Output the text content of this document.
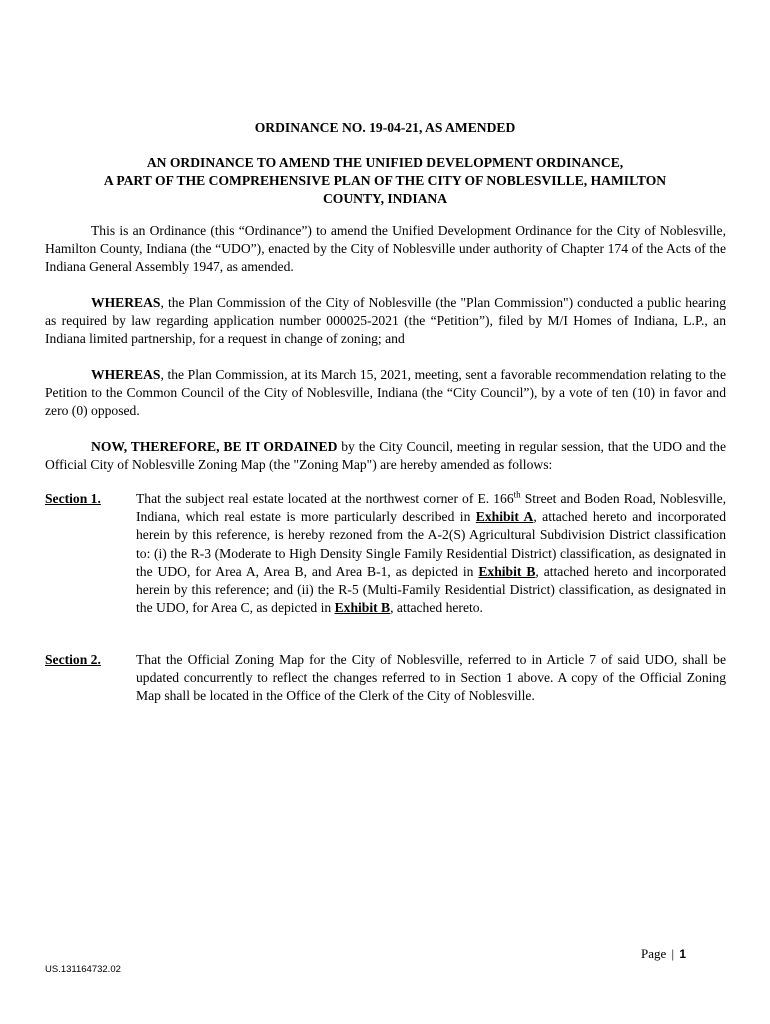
ORDINANCE NO. 19-04-21, AS AMENDED
AN ORDINANCE TO AMEND THE UNIFIED DEVELOPMENT ORDINANCE,
A PART OF THE COMPREHENSIVE PLAN OF THE CITY OF NOBLESVILLE, HAMILTON
COUNTY, INDIANA

This is an Ordinance (this “Ordinance”) to amend the Unified Development Ordinance for the City of Noblesville, Hamilton County, Indiana (the “UDO”), enacted by the City of Noblesville under authority of Chapter 174 of the Acts of the Indiana General Assembly 1947, as amended.

WHEREAS, the Plan Commission of the City of Noblesville (the "Plan Commission") conducted a public hearing as required by law regarding application number 000025-2021 (the “Petition”), filed by M/I Homes of Indiana, L.P., an Indiana limited partnership, for a request in change of zoning; and

WHEREAS, the Plan Commission, at its March 15, 2021, meeting, sent a favorable recommendation relating to the Petition to the Common Council of the City of Noblesville, Indiana (the “City Council”), by a vote of ten (10) in favor and zero (0) opposed.

NOW, THEREFORE, BE IT ORDAINED by the City Council, meeting in regular session, that the UDO and the Official City of Noblesville Zoning Map (the "Zoning Map") are hereby amended as follows:

Section 1.	That the subject real estate located at the northwest corner of E. 166th Street and Boden Road, Noblesville, Indiana, which real estate is more particularly described in Exhibit A, attached hereto and incorporated herein by this reference, is hereby rezoned from the A-2(S) Agricultural Subdivision District classification to: (i) the R-3 (Moderate to High Density Single Family Residential District) classification, as designated in the UDO, for Area A, Area B, and Area B-1, as depicted in Exhibit B, attached hereto and incorporated herein by this reference; and (ii) the R-5 (Multi-Family Residential District) classification, as designated in the UDO, for Area C, as depicted in Exhibit B, attached hereto.

Section 2.	That the Official Zoning Map for the City of Noblesville, referred to in Article 7 of said UDO, shall be updated concurrently to reflect the changes referred to in Section 1 above. A copy of the Official Zoning Map shall be located in the Office of the Clerk of the City of Noblesville.

Page | 1
US.131164732.02
